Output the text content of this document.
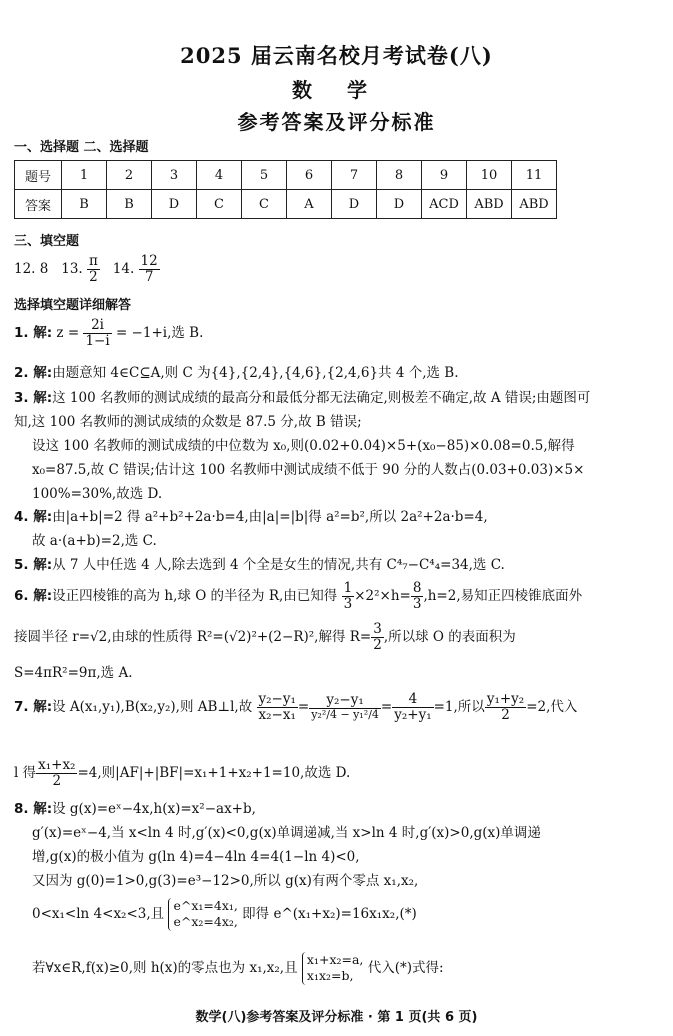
2025 届云南名校月考试卷(八)
数 学
参考答案及评分标准
一、选择题 二、选择题
题号	1	2	3	4	5	6	7	8	9	10	11
答案	B	B	D	C	C	A	D	D	ACD	ABD	ABD
三、填空题
12. 8 13. $\frac{\pi}{2} 14$. $\frac{12}{7}$
选择填空题详细解答
1. 解: $z = \frac{2i}{1-i} = -1+i$,选 B.
2. 解:由题意知 4∈C⊆A,则 C 为{4},{2,4},{4,6},{2,4,6}共 4 个,选 B.
3. 解:这 100 名教师的测试成绩的最高分和最低分都无法确定,则极差不确定,故 A 错误;由题图可
知,这 100 名教师的测试成绩的众数是 87.5 分,故 B 错误;
设这 100 名教师的测试成绩的中位数为 x₀,则(0.02+0.04)×5+(x₀−85)×0.08=0.5,解得
x₀=87.5,故 C 错误;估计这 100 名教师中测试成绩不低于 90 分的人数占(0.03+0.03)×5×
100%=30%,故选 D.
4. 解:由|a+b|=2 得 a²+b²+2a·b=4,由|a|=|b|得 a²=b²,所以 2a²+2a·b=4,
故 a·(a+b)=2,选 C.
5. 解:从 7 人中任选 4 人,除去选到 4 个全是女生的情况,共有 C⁴₇−C⁴₄=34,选 C.
6. 解:设正四棱锥的高为 h,球 O 的半径为 R,由已知得 $\frac{1}{3} \times 2^2\times h= \frac{8}{3} ,h=2$,易知正四棱锥底面外
接圆半径 r=√2,由球的性质得 R²=(√2)²+(2−R)²,解得 $R= \frac{3}{2}$ ,所以球 O 的表面积为
S=4πR²=9π,选 A.
7. 解:设 A(x₁,y₁),B(x₂,y₂),则 AB⊥l,故 $\frac{\text{y₂−y₁}}{\text{x₂−x₁}} = \frac{\text{y₂−y₁}}{\text{y₂²/4 − y₁²/4}} = \frac{4}{\text{y₂+y₁}} =1$,所以 $\frac{\text{y₁+y₂}}{2} =2$,代入
l 得 $\frac{\text{x₁+x₂}}{2} =4$,则|AF|+|BF|=x₁+1+x₂+1=10,故选 D.
8. 解:设 g(x)=eˣ−4x,h(x)=x²−ax+b,
g′(x)=eˣ−4,当 x<ln 4 时,g′(x)<0,g(x)单调递减,当 x>ln 4 时,g′(x)>0,g(x)单调递
增,g(x)的极小值为 g(ln 4)=4−4ln 4=4(1−ln 4)<0,
又因为 g(0)=1>0,g(3)=e³−12>0,所以 g(x)有两个零点 x₁,x₂,
0<x₁<ln 4<x₂<3,且
e^x₁=4x₁,
e^x₂=4x₂, 即得 e^(x₁+x₂)=16x₁x₂,(*)
若∀x∈R,f(x)≥0,则 h(x)的零点也为 x₁,x₂,且
x₁+x₂=a,
x₁x₂=b,	代入(*)式得:
数学(八)参考答案及评分标准 · 第 1 页(共 6 页)
